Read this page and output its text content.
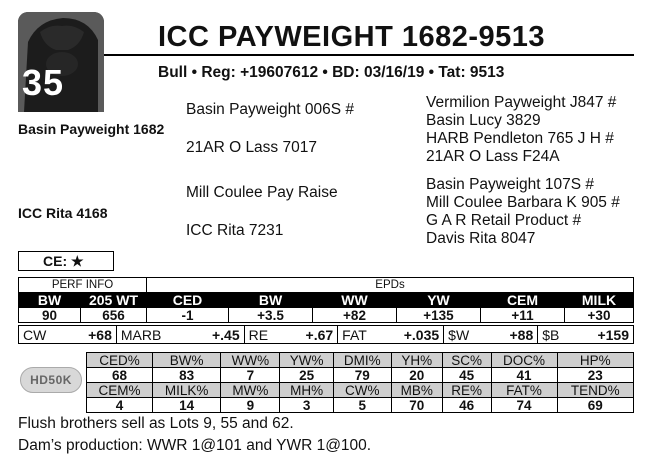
35
ICC PAYWEIGHT 1682-9513
Bull • Reg: +19607612 • BD: 03/16/19 • Tat: 9513
Basin Payweight 1682
ICC Rita 4168
Basin Payweight 006S #
21AR O Lass 7017
Mill Coulee Pay Raise
ICC Rita 7231
Vermilion Payweight J847 #
Basin Lucy 3829
HARB Pendleton 765 J H #
21AR O Lass F24A
Basin Payweight 107S #
Mill Coulee Barbara K 905 #
G A R Retail Product #
Davis Rita 8047
CE: ★
PERF INFO		EPDs					
BW	205 WT	CED	BW	WW	YW	CEM	MILK
90	656	-1	+3.5	+82	+135	+11	+30
CW	+68	MARB	+.45	RE	+.67	FAT	+.035	$W	+88	$B	+159
HD50K
CED%	BW%	WW%	YW%	DMI%	YH%	SC%	DOC%	HP%
68	83	7	25	79	20	45	41	23
CEM%	MILK%	MW%	MH%	CW%	MB%	RE%	FAT%	TEND%
4	14	9	3	5	70	46	74	69
Flush brothers sell as Lots 9, 55 and 62.
Dam’s production: WWR 1@101 and YWR 1@100.
